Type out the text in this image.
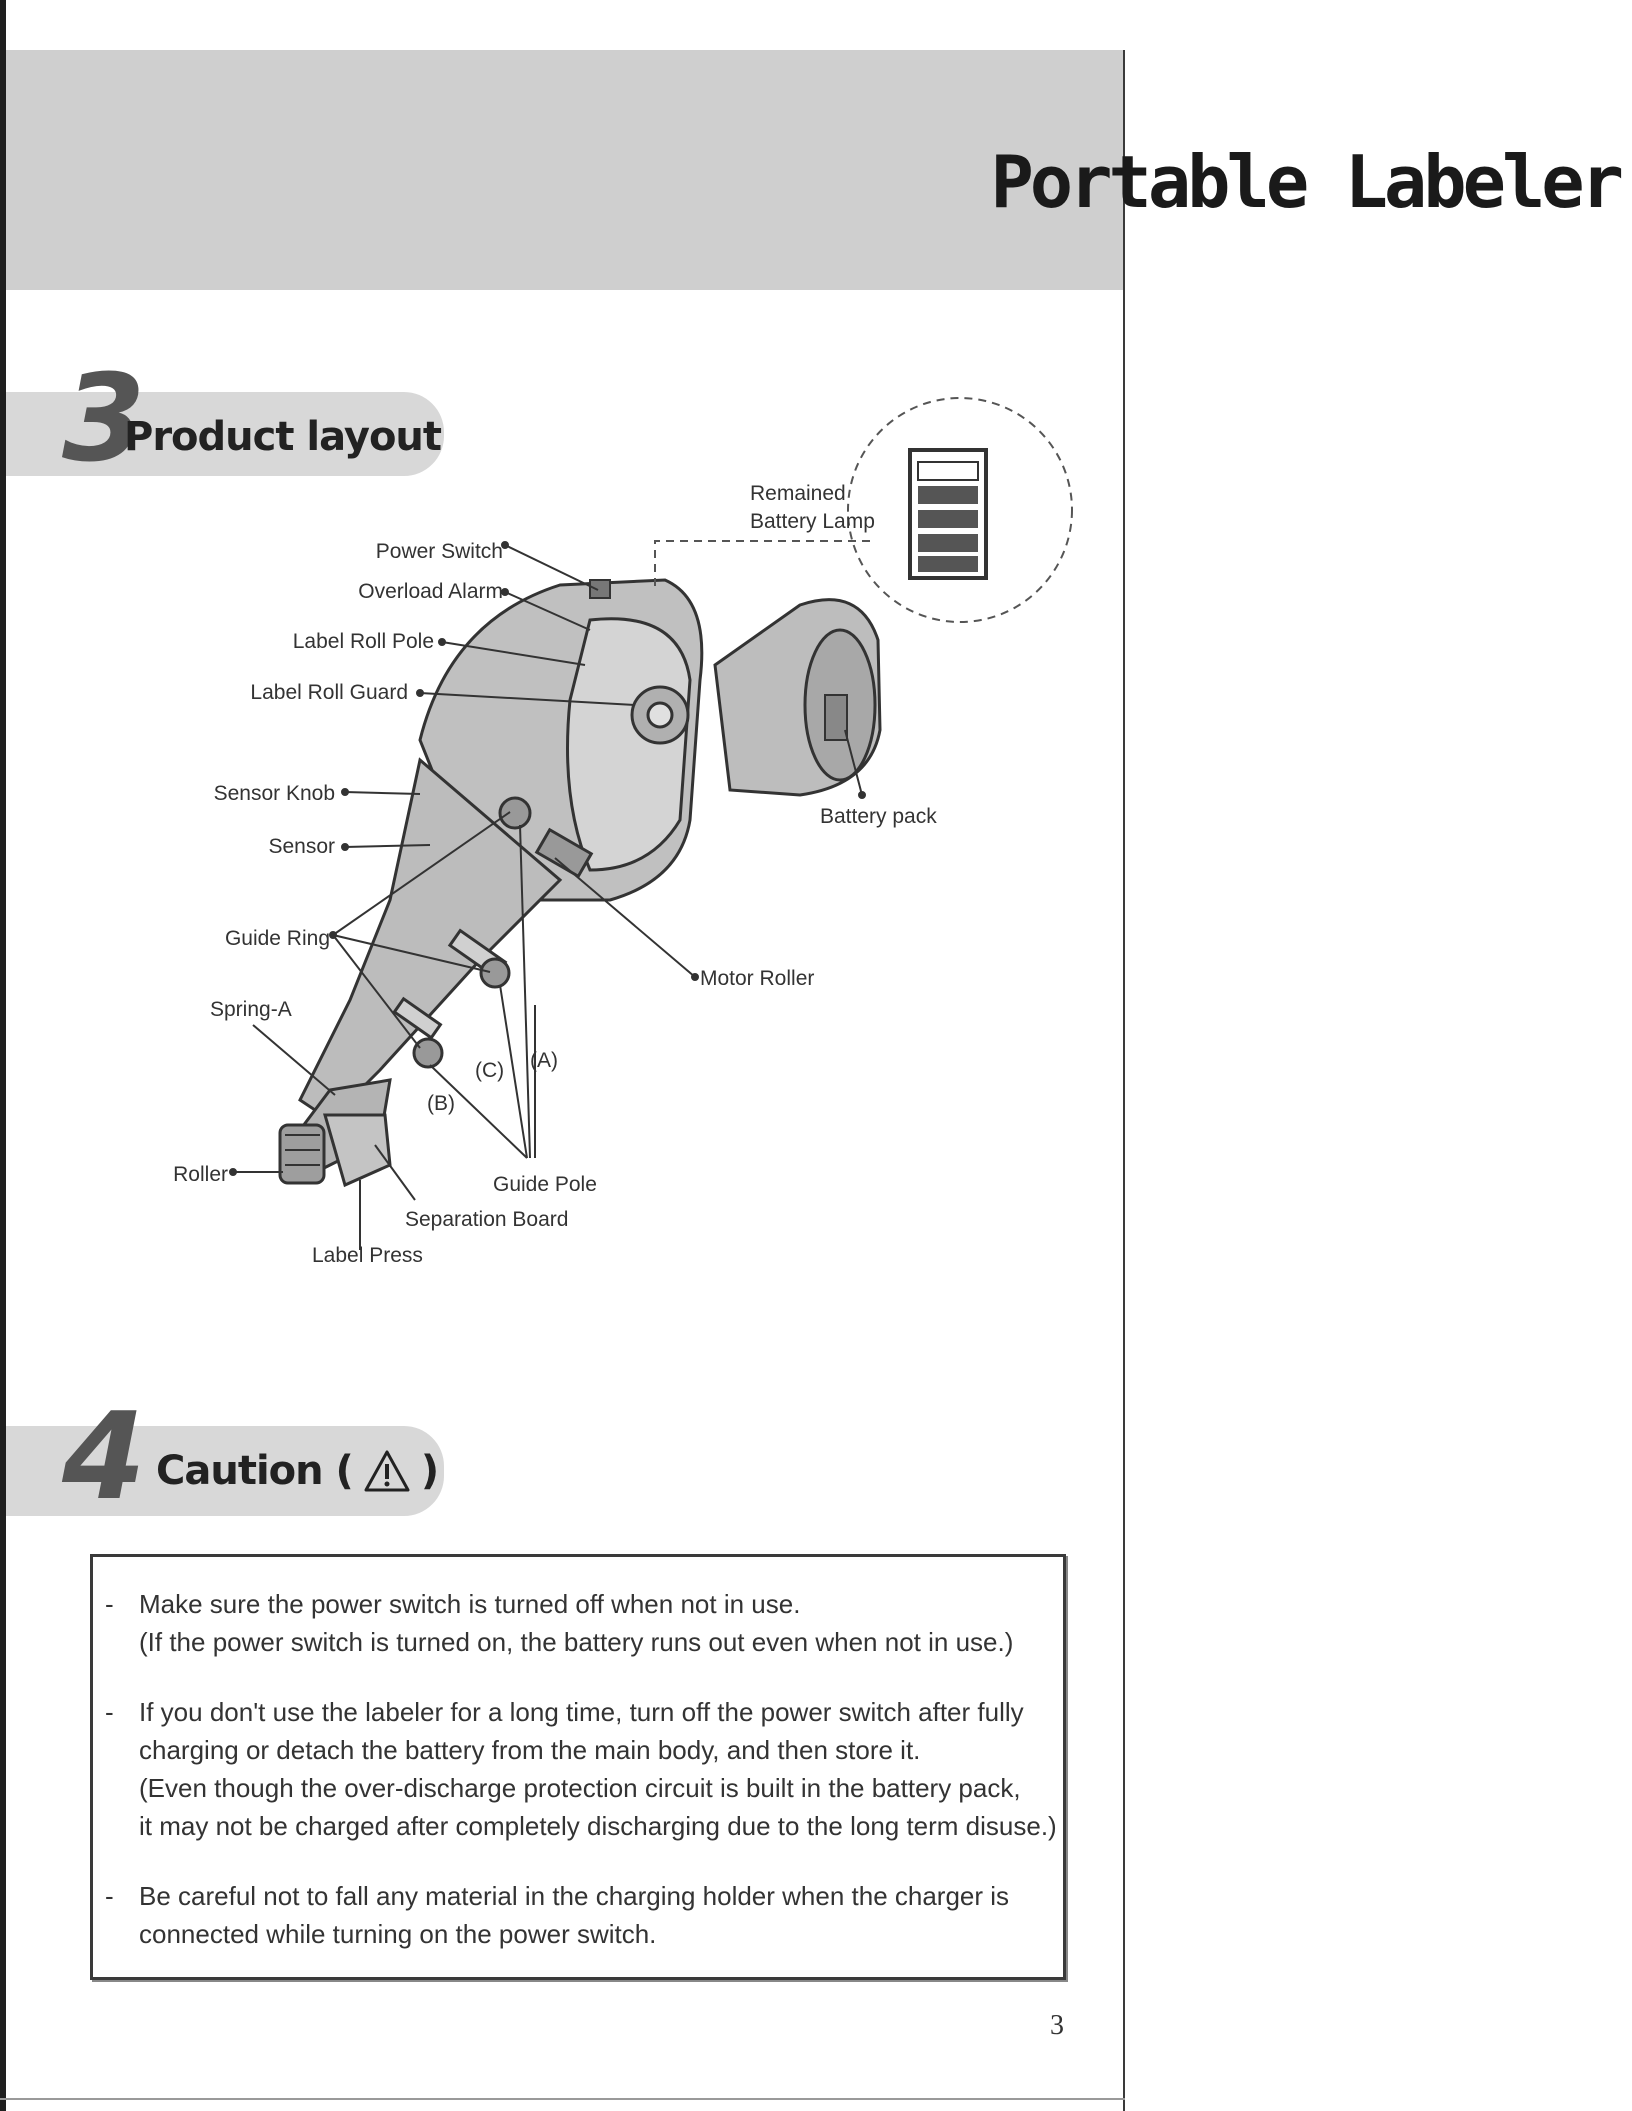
Portable Labeler
3
Product layout
Power Switch
Overload Alarm
Label Roll Pole
Label Roll Guard
Sensor Knob
Sensor
Guide Ring
Spring-A
Roller
Label Press
Separation Board
Guide Pole
Motor Roller
Battery pack
Remained
Battery Lamp
(A)
(B)
(C)
4 Caution ( )
- Make sure the power switch is turned off when not in use.
(If the power switch is turned on, the battery runs out even when not in use.)
- If you don't use the labeler for a long time, turn off the power switch after fully
charging or detach the battery from the main body, and then store it.
(Even though the over-discharge protection circuit is built in the battery pack,
it may not be charged after completely discharging due to the long term disuse.)
- Be careful not to fall any material in the charging holder when the charger is
connected while turning on the power switch.
3
